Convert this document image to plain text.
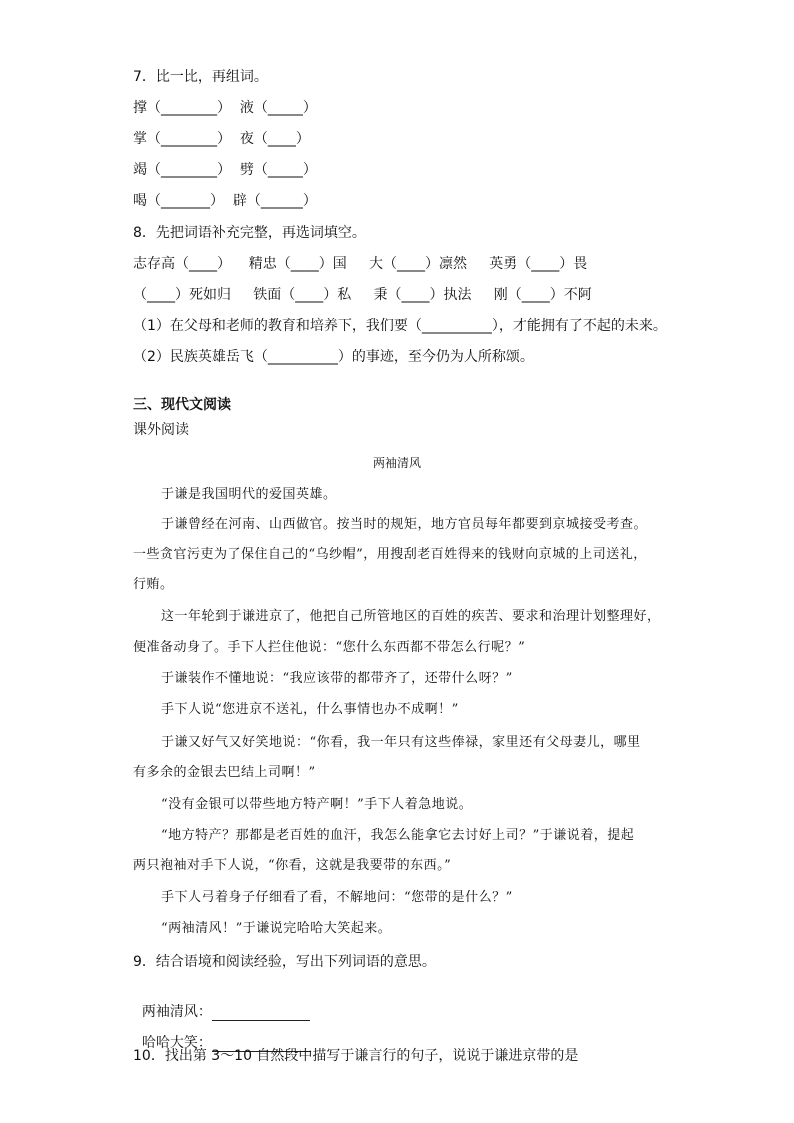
7．比一比，再组词。

撑（________）  液（_____）

掌（________）  夜（____）

竭（________）  劈（_____）

喝（_______）  辟（______）

8．先把词语补充完整，再选词填空。

志存高（____）    精忠（____）国     大（____）凛然     英勇（____）畏

（____）死如归     铁面（____）私     秉（____）执法     刚（____）不阿

（1）在父母和老师的教育和培养下，我们要（__________），才能拥有了不起的未来。

（2）民族英雄岳飞（__________）的事迹，至今仍为人所称颂。

三、现代文阅读

课外阅读

两袖清风
于谦是我国明代的爱国英雄。
于谦曾经在河南、山西做官。按当时的规矩，地方官员每年都要到京城接受考查。
一些贪官污吏为了保住自己的“乌纱帽”，用搜刮老百姓得来的钱财向京城的上司送礼，
行贿。
这一年轮到于谦进京了，他把自己所管地区的百姓的疾苦、要求和治理计划整理好，
便准备动身了。手下人拦住他说：“您什么东西都不带怎么行呢？”
于谦装作不懂地说：“我应该带的都带齐了，还带什么呀？”
手下人说“您进京不送礼，什么事情也办不成啊！”
于谦又好气又好笑地说：“你看，我一年只有这些俸禄，家里还有父母妻儿，哪里
有多余的金银去巴结上司啊！”
“没有金银可以带些地方特产啊！”手下人着急地说。
“地方特产？那都是老百姓的血汗，我怎么能拿它去讨好上司？”于谦说着，提起
两只袍袖对手下人说，“你看，这就是我要带的东西。”
手下人弓着身子仔细看了看，不解地问：“您带的是什么？”
“两袖清风！”于谦说完哈哈大笑起来。

9．结合语境和阅读经验，写出下列词语的意思。

两袖清风：

哈哈大笑：

10．找出第 3～10 自然段中描写于谦言行的句子，说说于谦进京带的是
